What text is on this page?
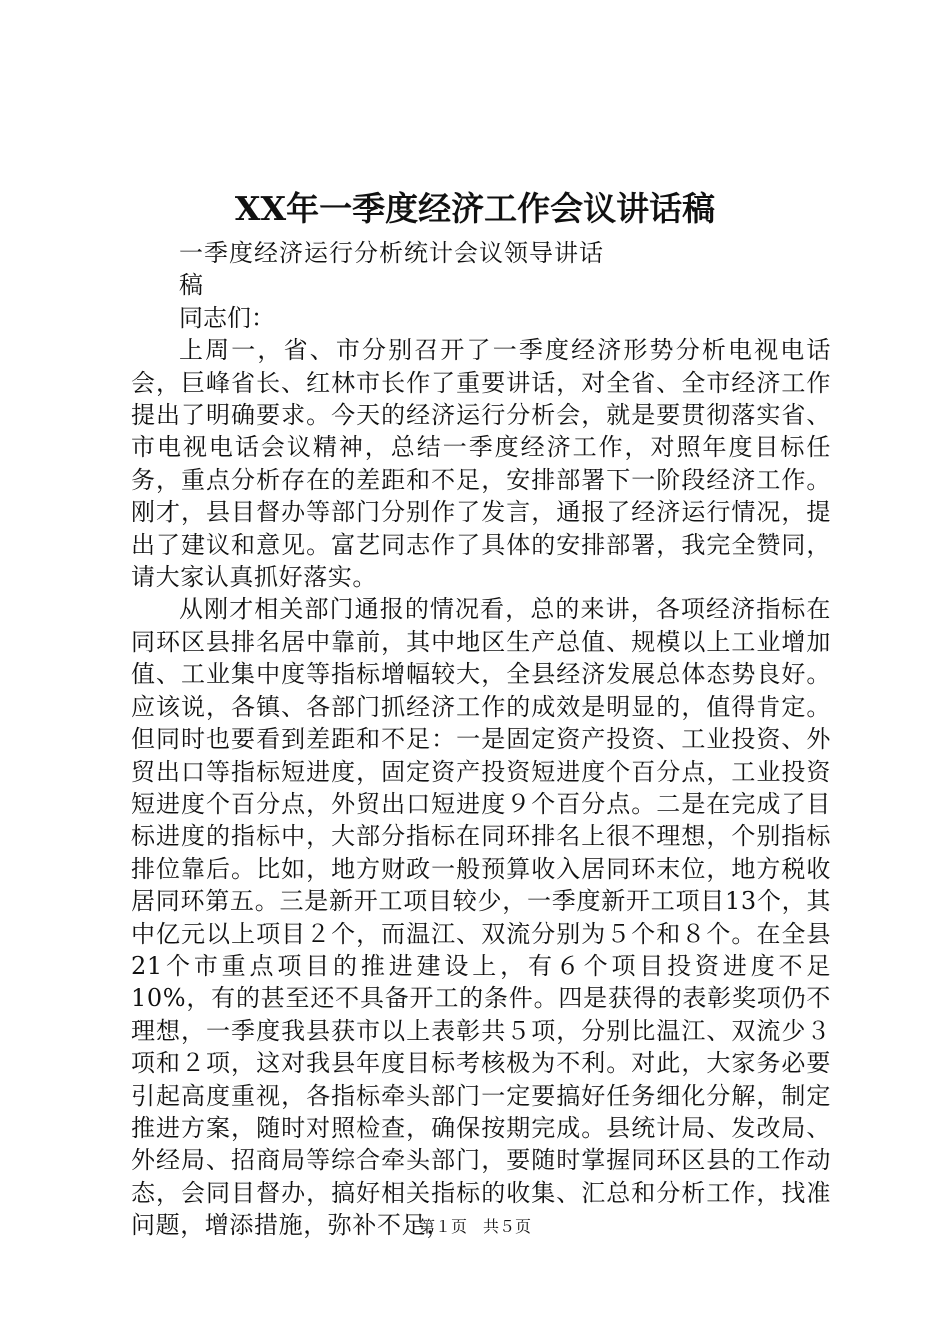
XX年一季度经济工作会议讲话稿

一季度经济运行分析统计会议领导讲话稿

同志们：

上周一，省、市分别召开了一季度经济形势分析电视电话会，巨峰省长、红林市长作了重要讲话，对全省、全市经济工作提出了明确要求。今天的经济运行分析会，就是要贯彻落实省、市电视电话会议精神，总结一季度经济工作，对照年度目标任务，重点分析存在的差距和不足，安排部署下一阶段经济工作。刚才，县目督办等部门分别作了发言，通报了经济运行情况，提出了建议和意见。富艺同志作了具体的安排部署，我完全赞同，请大家认真抓好落实。

从刚才相关部门通报的情况看，总的来讲，各项经济指标在同环区县排名居中靠前，其中地区生产总值、规模以上工业增加值、工业集中度等指标增幅较大，全县经济发展总体态势良好。应该说，各镇、各部门抓经济工作的成效是明显的，值得肯定。但同时也要看到差距和不足：一是固定资产投资、工业投资、外贸出口等指标短进度，固定资产投资短进度个百分点，工业投资短进度个百分点，外贸出口短进度９个百分点。二是在完成了目标进度的指标中，大部分指标在同环排名上很不理想，个别指标排位靠后。比如，地方财政一般预算收入居同环末位，地方税收居同环第五。三是新开工项目较少，一季度新开工项目13个，其中亿元以上项目２个，而温江、双流分别为５个和８个。在全县21个市重点项目的推进建设上，有６个项目投资进度不足10%，有的甚至还不具备开工的条件。四是获得的表彰奖项仍不理想，一季度我县获市以上表彰共５项，分别比温江、双流少３项和２项，这对我县年度目标考核极为不利。对此，大家务必要引起高度重视，各指标牵头部门一定要搞好任务细化分解，制定推进方案，随时对照检查，确保按期完成。县统计局、发改局、外经局、招商局等综合牵头部门，要随时掌握同环区县的工作动态，会同目督办，搞好相关指标的收集、汇总和分析工作，找准问题，增添措施，弥补不足，

第１页　共５页
